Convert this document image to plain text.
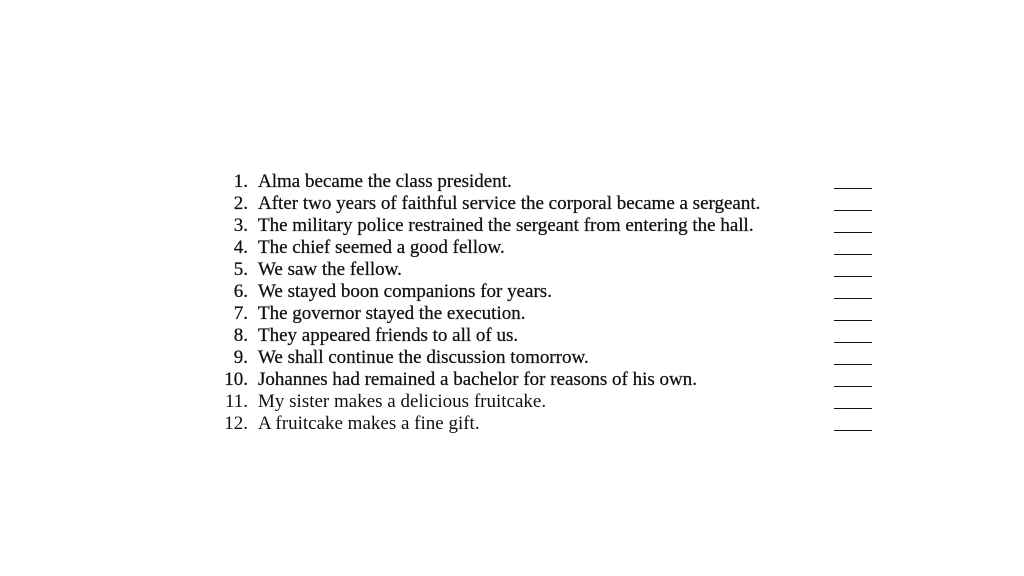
1. Alma became the class president.
2. After two years of faithful service the corporal became a sergeant.
3. The military police restrained the sergeant from entering the hall.
4. The chief seemed a good fellow.
5. We saw the fellow.
6. We stayed boon companions for years.
7. The governor stayed the execution.
8. They appeared friends to all of us.
9. We shall continue the discussion tomorrow.
10. Johannes had remained a bachelor for reasons of his own.
11. My sister makes a delicious fruitcake.
12. A fruitcake makes a fine gift.
